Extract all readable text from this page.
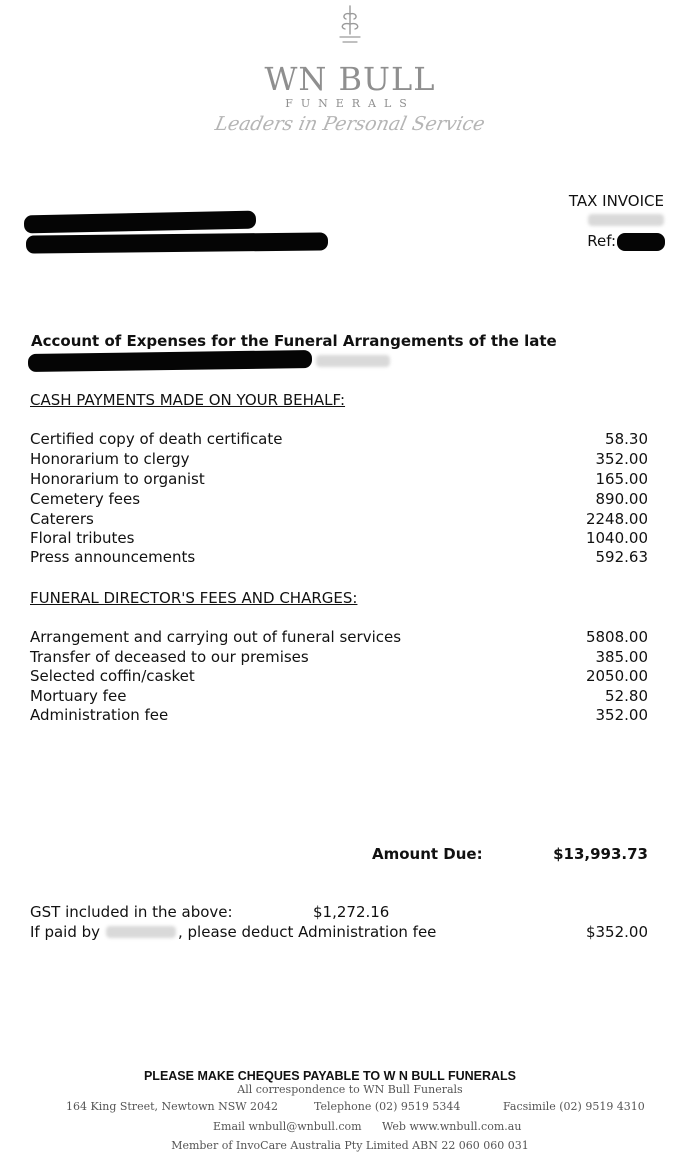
WN BULL
FUNERALS
Leaders in Personal Service
TAX INVOICE
Ref:
Account of Expenses for the Funeral Arrangements of the late
CASH PAYMENTS MADE ON YOUR BEHALF:
Certified copy of death certificate	58.30
Honorarium to clergy	352.00
Honorarium to organist	165.00
Cemetery fees	890.00
Caterers	2248.00
Floral tributes	1040.00
Press announcements	592.63
FUNERAL DIRECTOR'S FEES AND CHARGES:
Arrangement and carrying out of funeral services	5808.00
Transfer of deceased to our premises	385.00
Selected coffin/casket	2050.00
Mortuary fee	52.80
Administration fee	352.00
Amount Due:	$13,993.73
GST included in the above:	$1,272.16
If paid by	, please deduct Administration fee	$352.00
PLEASE MAKE CHEQUES PAYABLE TO W N BULL FUNERALS
All correspondence to WN Bull Funerals
164 King Street, Newtown NSW 2042	Telephone (02) 9519 5344	Facsimile (02) 9519 4310
Email wnbull@wnbull.com Web www.wnbull.com.au
Member of InvoCare Australia Pty Limited ABN 22 060 060 031
